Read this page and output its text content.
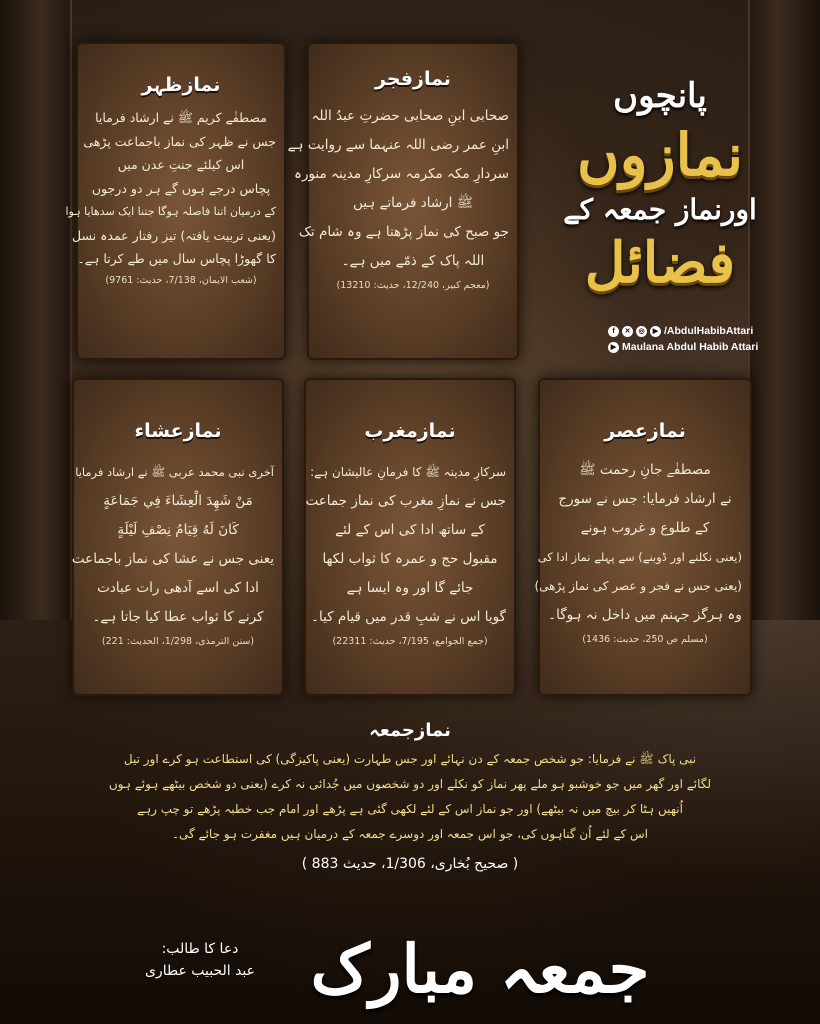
نمازظہر
مصطفٰے کریم ﷺ نے ارشاد فرمایا
جس نے ظہر کی نماز باجماعت پڑھی
اس کیلئے جنتِ عدن میں
پچاس درجے ہوں گے ہر دو درجوں
کے درمیان اتنا فاصلہ ہوگا جتنا ایک سدھایا ہوا
(یعنی تربیت یافتہ) تیز رفتار عمدہ نسل
کا گھوڑا پچاس سال میں طے کرتا ہے۔
(شعب الایمان، 7/138، حدیث: 9761)
نمازفجر
صحابی ابنِ صحابی حضرتِ عبدُ اللہ
ابنِ عمر رضی اللہ عنہما سے روایت ہے
سردارِ مکہ مکرمہ سرکارِ مدینہ منورہ
ﷺ ارشاد فرماتے ہیں
جو صبح کی نماز پڑھتا ہے وہ شام تک
اللہ پاک کے ذمّے میں ہے۔
(معجم کبیر، 12/240، حدیث: 13210)
پانچوں
نمازوں
اورنماز جمعہ کے
فضائل
f	✕	◎	▶ /AbdulHabibAttari
▶ Maulana Abdul Habib Attari
نمازعشاء
آخری نبی محمد عربی ﷺ نے ارشاد فرمایا
مَنْ شَهِدَ الْعِشَاءَ فِي جَمَاعَةٍ
كَانَ لَهُ قِيَامُ نِصْفِ لَيْلَةٍ
یعنی جس نے عشا کی نماز باجماعت
ادا کی اسے آدھی رات عبادت
کرنے کا ثواب عطا کیا جاتا ہے۔
(سنن الترمذی، 1/298، الحدیث: 221)
نمازمغرب
سرکارِ مدینہ ﷺ کا فرمانِ عالیشان ہے:
جس نے نمازِ مغرب کی نماز جماعت
کے ساتھ ادا کی اس کے لئے
مقبول حج و عمرہ کا ثواب لکھا
جائے گا اور وہ ایسا ہے
گویا اس نے شبِ قدر میں قیام کیا۔
(جمع الجوامع، 7/195، حدیث: 22311)
نمازعصر
مصطفٰے جانِ رحمت ﷺ
نے ارشاد فرمایا: جس نے سورج
کے طلوع و غروب ہونے
(یعنی نکلنے اور ڈوبنے) سے پہلے نماز ادا کی
(یعنی جس نے فجر و عصر کی نماز پڑھی)
وہ ہرگز جہنم میں داخل نہ ہوگا۔
(مسلم ص 250، حدیث: 1436)
نمازجمعہ
نبی پاک ﷺ نے فرمایا: جو شخص جمعہ کے دن نہائے اور جس طہارت (یعنی پاکیزگی) کی استطاعت ہو کرے اور تیل
لگائے اور گھر میں جو خوشبو ہو ملے پھر نماز کو نکلے اور دو شخصوں میں جُدائی نہ کرے (یعنی دو شخص بیٹھے ہوئے ہوں
اُنھیں ہٹا کر بیچ میں نہ بیٹھے) اور جو نماز اس کے لئے لکھی گئی ہے پڑھے اور امام جب خطبہ پڑھے تو چپ رہے
اس کے لئے اُن گناہوں کی، جو اس جمعہ اور دوسرے جمعہ کے درمیان ہیں مغفرت ہو جائے گی۔
( صحیح بُخاری، 1/306، حدیث 883 )
دعا کا طالب:
عبد الحبیب عطاری جمعہ مبارک
